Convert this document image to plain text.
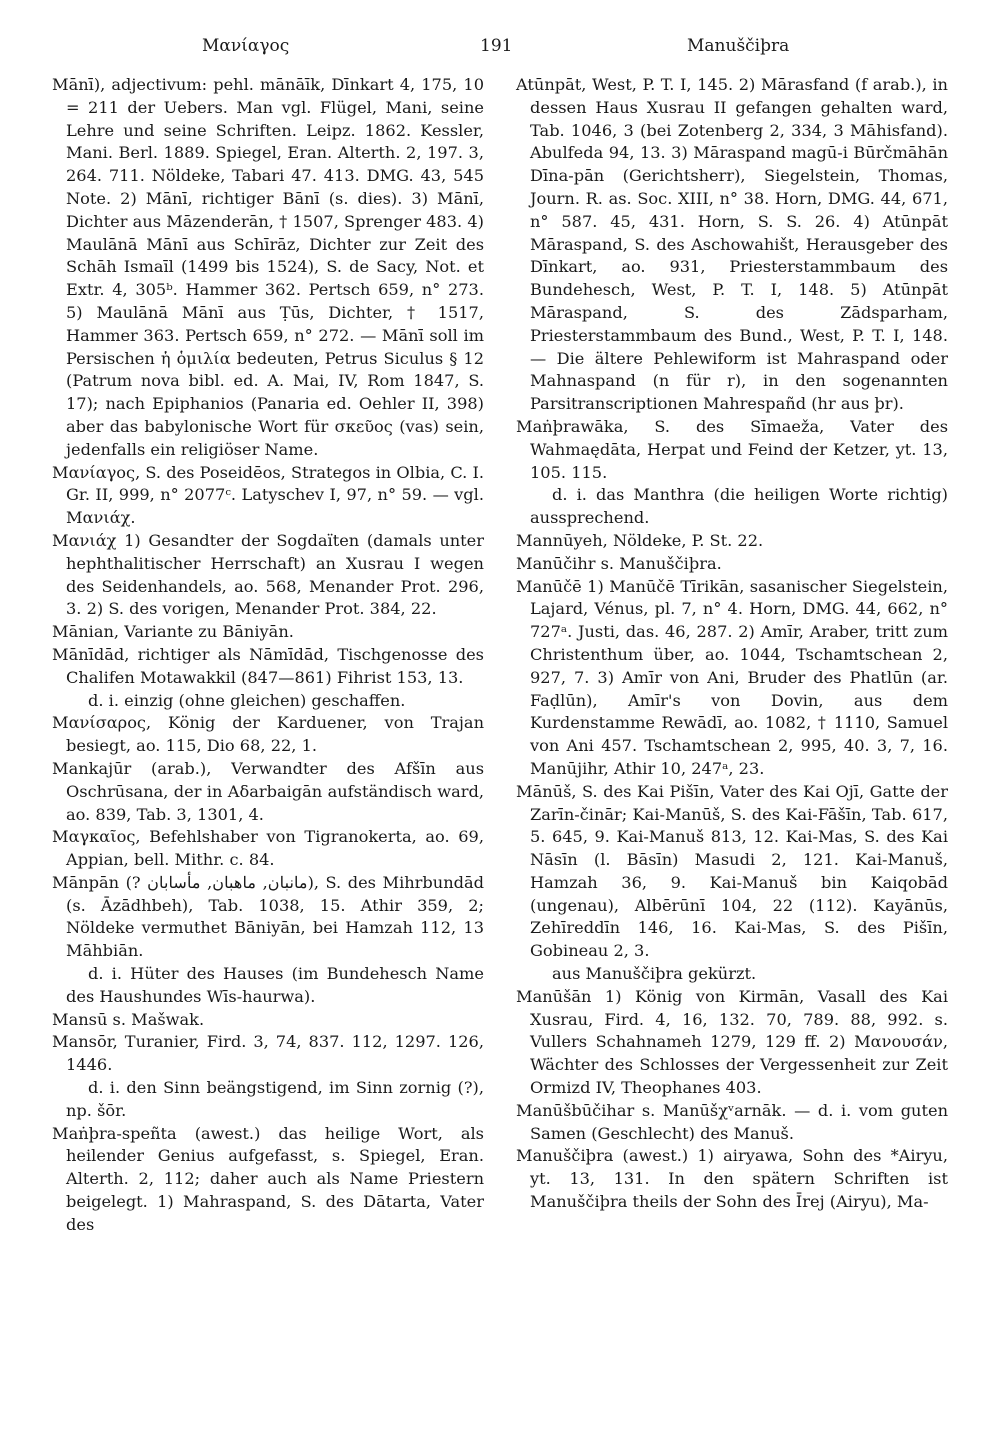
Μανίαγος	191	Manuščiþra

Mānī), adjectivum: pehl. mānāīk, Dīnkart 4, 175, 10 = 211 der Uebers. Man vgl. Flügel, Mani, seine Lehre und seine Schriften. Leipz. 1862. Kessler, Mani. Berl. 1889. Spiegel, Eran. Alterth. 2, 197. 3, 264. 711. Nöldeke, Tabari 47. 413. DMG. 43, 545 Note. 2) Mānī, richtiger Bānī (s. dies). 3) Mānī, Dichter aus Māzenderān, † 1507, Sprenger 483. 4) Maulānā Mānī aus Schīrāz, Dichter zur Zeit des Schāh Ismaīl (1499 bis 1524), S. de Sacy, Not. et Extr. 4, 305ᵇ. Hammer 362. Pertsch 659, n° 273. 5) Maulānā Mānī aus Ṭūs, Dichter, † 1517, Hammer 363. Pertsch 659, n° 272. — Mānī soll im Persischen ἡ ὁμιλία bedeuten, Petrus Siculus § 12 (Patrum nova bibl. ed. A. Mai, IV, Rom 1847, S. 17); nach Epiphanios (Panaria ed. Oehler II, 398) aber das babylonische Wort für σκεῦος (vas) sein, jedenfalls ein religiöser Name.

Μανίαγος, S. des Poseidēos, Strategos in Olbia, C. I. Gr. II, 999, n° 2077ᶜ. Latyschev I, 97, n° 59. — vgl. Μανιάχ.

Μανιάχ 1) Gesandter der Sogdaïten (damals unter hephthalitischer Herrschaft) an Xusrau I wegen des Seidenhandels, ao. 568, Menander Prot. 296, 3. 2) S. des vorigen, Menander Prot. 384, 22.

Mānian, Variante zu Bāniyān.

Mānīdād, richtiger als Nāmīdād, Tischgenosse des Chalifen Motawakkil (847—861) Fihrist 153, 13.

d. i. einzig (ohne gleichen) geschaffen.

Μανίσαρος, König der Karduener, von Trajan besiegt, ao. 115, Dio 68, 22, 1.

Mankajūr (arab.), Verwandter des Afšīn aus Oschrūsana, der in Aδarbaigān aufständisch ward, ao. 839, Tab. 3, 1301, 4.

Μαγκαῖος, Befehlshaber von Tigranokerta, ao. 69, Appian, bell. Mithr. c. 84.

Mānpān (? مانبان, ماهبان, مأسابان), S. des Mihrbundād (s. Āzādhbeh), Tab. 1038, 15. Athir 359, 2; Nöldeke vermuthet Bāniyān, bei Hamzah 112, 13 Māhbiān.

d. i. Hüter des Hauses (im Bundehesch Name des Haushundes Wīs-haurwa).

Mansū s. Mašwak.

Mansōr, Turanier, Fird. 3, 74, 837. 112, 1297. 126, 1446.

d. i. den Sinn beängstigend, im Sinn zornig (?), np. šōr.

Maṅþra-speñta (awest.) das heilige Wort, als heilender Genius aufgefasst, s. Spiegel, Eran. Alterth. 2, 112; daher auch als Name Priestern beigelegt. 1) Mahraspand, S. des Dātarta, Vater des

Atūnpāt, West, P. T. I, 145. 2) Mārasfand (f arab.), in dessen Haus Xusrau II gefangen gehalten ward, Tab. 1046, 3 (bei Zotenberg 2, 334, 3 Māhisfand). Abulfeda 94, 13. 3) Māraspand magū-i Būrčmāhān Dīna-pān (Gerichtsherr), Siegelstein, Thomas, Journ. R. as. Soc. XIII, n° 38. Horn, DMG. 44, 671, n° 587. 45, 431. Horn, S. S. 26. 4) Atūnpāt Māraspand, S. des Aschowahišt, Herausgeber des Dīnkart, ao. 931, Priesterstammbaum des Bundehesch, West, P. T. I, 148. 5) Atūnpāt Māraspand, S. des Zādsparham, Priesterstammbaum des Bund., West, P. T. I, 148. — Die ältere Pehlewiform ist Mahraspand oder Mahnaspand (n für r), in den sogenannten Parsitranscriptionen Mahrespañd (hr aus þr).

Maṅþrawāka, S. des Sīmaeža, Vater des Wahmaędāta, Herpat und Feind der Ketzer, yt. 13, 105. 115.

d. i. das Manthra (die heiligen Worte richtig) aussprechend.

Mannūyeh, Nöldeke, P. St. 22.

Manūčihr s. Manuščiþra.

Manūčē 1) Manūčē Tīrikān, sasanischer Siegelstein, Lajard, Vénus, pl. 7, n° 4. Horn, DMG. 44, 662, n° 727ᵃ. Justi, das. 46, 287. 2) Amīr, Araber, tritt zum Christenthum über, ao. 1044, Tschamtschean 2, 927, 7. 3) Amīr von Ani, Bruder des Phatlūn (ar. Faḍlūn), Amīr's von Dovin, aus dem Kurdenstamme Rewādī, ao. 1082, † 1110, Samuel von Ani 457. Tschamtschean 2, 995, 40. 3, 7, 16. Manūjihr, Athir 10, 247ᵃ, 23.

Mānūš, S. des Kai Pišīn, Vater des Kai Ojī, Gatte der Zarīn-činār; Kai-Manūš, S. des Kai-Fāšīn, Tab. 617, 5. 645, 9. Kai-Manuš 813, 12. Kai-Mas, S. des Kai Nāsīn (l. Bāsīn) Masudi 2, 121. Kai-Manuš, Hamzah 36, 9. Kai-Manuš bin Kaiqobād (ungenau), Albērūnī 104, 22 (112). Kayānūs, Zehīreddīn 146, 16. Kai-Mas, S. des Pišīn, Gobineau 2, 3.

aus Manuščiþra gekürzt.

Manūšān 1) König von Kirmān, Vasall des Kai Xusrau, Fird. 4, 16, 132. 70, 789. 88, 992. s. Vullers Schahnameh 1279, 129 ff. 2) Μανουσάν, Wächter des Schlosses der Vergessenheit zur Zeit Ormizd IV, Theophanes 403.

Manūšbūčihar s. Manūšχᵛarnāk. — d. i. vom guten Samen (Geschlecht) des Manuš.

Manuščiþra (awest.) 1) airyawa, Sohn des *Airyu, yt. 13, 131. In den spätern Schriften ist Manuščiþra theils der Sohn des Īrej (Airyu), Ma-
